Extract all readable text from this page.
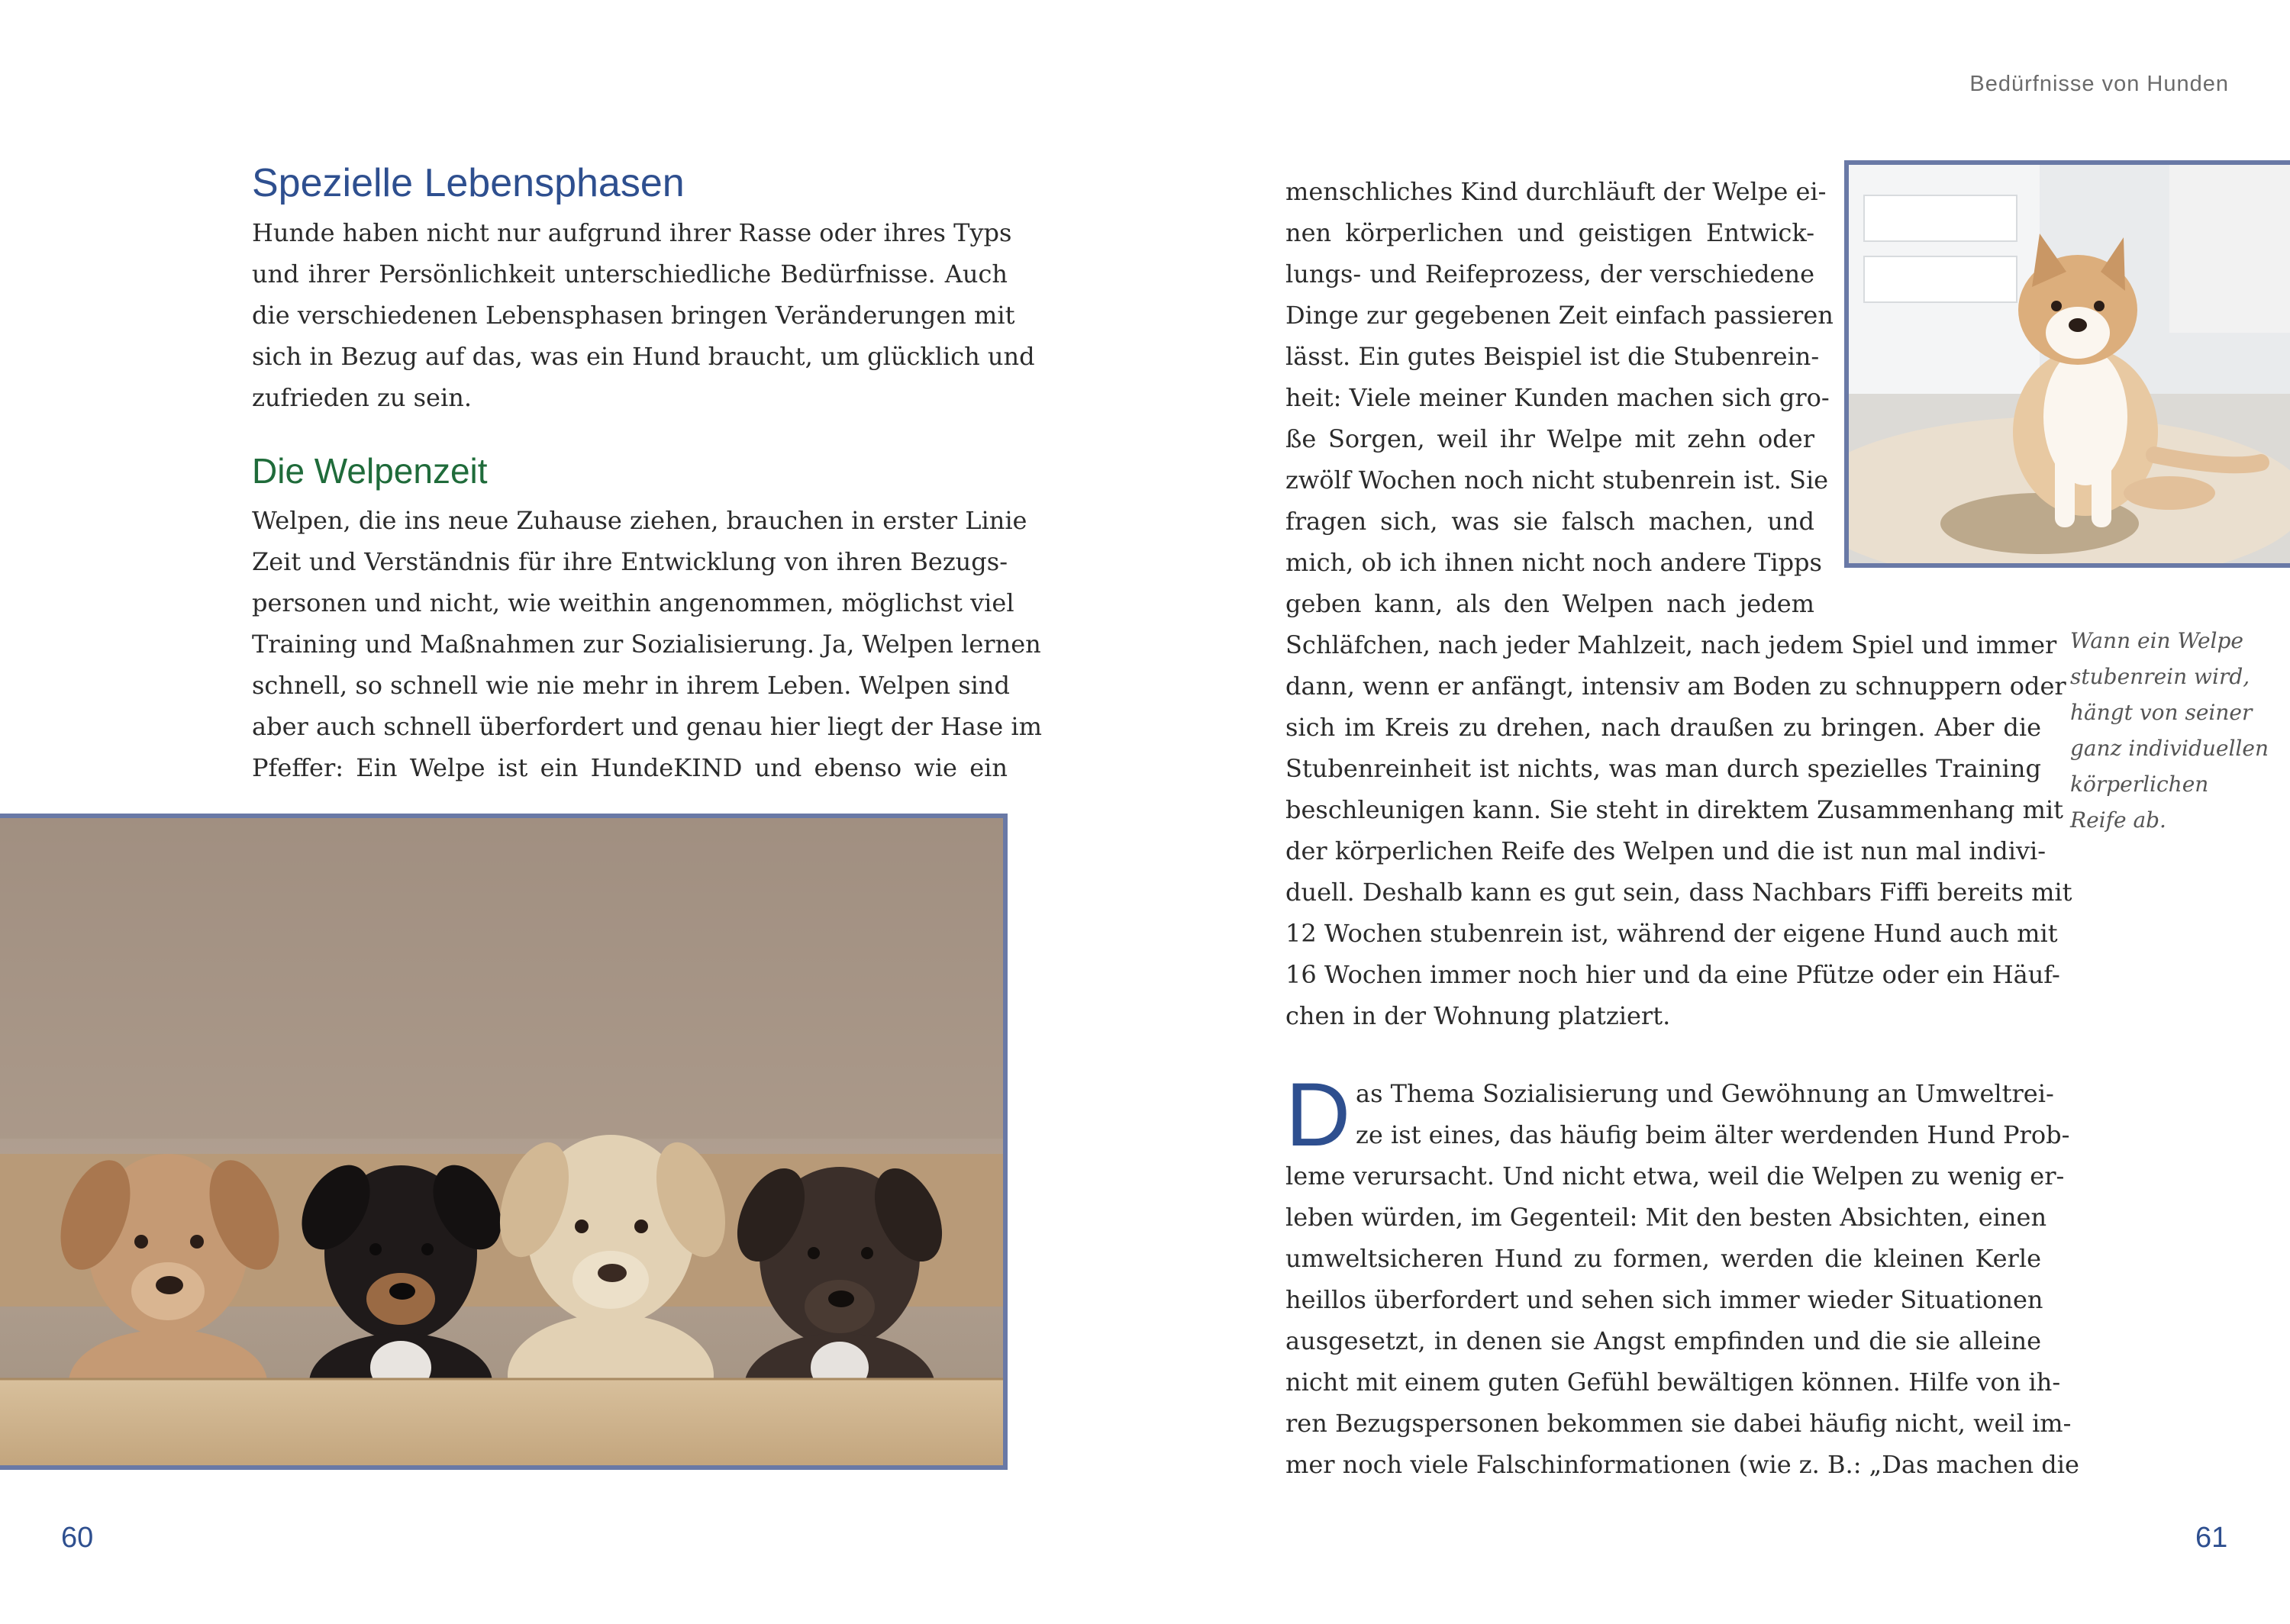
Bedürfnisse von Hunden
Spezielle Lebensphasen
Hunde haben nicht nur aufgrund ihrer Rasse oder ihres Typs
und ihrer Persönlichkeit unterschiedliche Bedürfnisse. Auch
die verschiedenen Lebensphasen bringen Veränderungen mit
sich in Bezug auf das, was ein Hund braucht, um glücklich und
zufrieden zu sein.
Die Welpenzeit
Welpen, die ins neue Zuhause ziehen, brauchen in erster Linie
Zeit und Verständnis für ihre Entwicklung von ihren Bezugs-
personen und nicht, wie weithin angenommen, möglichst viel
Training und Maßnahmen zur Sozialisierung. Ja, Welpen lernen
schnell, so schnell wie nie mehr in ihrem Leben. Welpen sind
aber auch schnell überfordert und genau hier liegt der Hase im
Pfeffer: Ein Welpe ist ein HundeKIND und ebenso wie ein
60
menschliches Kind durchläuft der Welpe ei-
nen körperlichen und geistigen Entwick-
lungs- und Reifeprozess, der verschiedene
Dinge zur gegebenen Zeit einfach passieren
lässt. Ein gutes Beispiel ist die Stubenrein-
heit: Viele meiner Kunden machen sich gro-
ße Sorgen, weil ihr Welpe mit zehn oder
zwölf Wochen noch nicht stubenrein ist. Sie
fragen sich, was sie falsch machen, und
mich, ob ich ihnen nicht noch andere Tipps
geben kann, als den Welpen nach jedem
Schläfchen, nach jeder Mahlzeit, nach jedem Spiel und immer
dann, wenn er anfängt, intensiv am Boden zu schnuppern oder
sich im Kreis zu drehen, nach draußen zu bringen. Aber die
Stubenreinheit ist nichts, was man durch spezielles Training
beschleunigen kann. Sie steht in direktem Zusammenhang mit
der körperlichen Reife des Welpen und die ist nun mal indivi-
duell. Deshalb kann es gut sein, dass Nachbars Fiffi bereits mit
12 Wochen stubenrein ist, während der eigene Hund auch mit
16 Wochen immer noch hier und da eine Pfütze oder ein Häuf-
chen in der Wohnung platziert.
Wann ein Welpe stubenrein wird, hängt von seiner ganz individuellen körperlichen Reife ab.
D as Thema Sozialisierung und Gewöhnung an Umweltrei-
ze ist eines, das häufig beim älter werdenden Hund Prob-
leme verursacht. Und nicht etwa, weil die Welpen zu wenig er-
leben würden, im Gegenteil: Mit den besten Absichten, einen
umweltsicheren Hund zu formen, werden die kleinen Kerle
heillos überfordert und sehen sich immer wieder Situationen
ausgesetzt, in denen sie Angst empfinden und die sie alleine
nicht mit einem guten Gefühl bewältigen können. Hilfe von ih-
ren Bezugspersonen bekommen sie dabei häufig nicht, weil im-
mer noch viele Falschinformationen (wie z. B.: „Das machen die
61
